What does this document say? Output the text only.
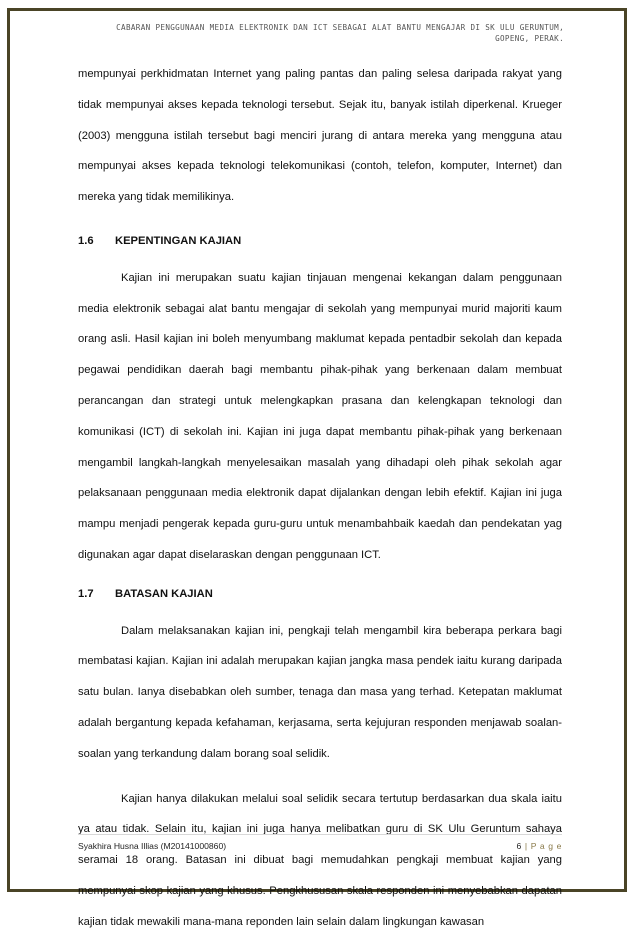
CABARAN PENGGUNAAN MEDIA ELEKTRONIK DAN ICT SEBAGAI ALAT BANTU MENGAJAR DI SK ULU GERUNTUM,
GOPENG, PERAK.

mempunyai perkhidmatan Internet yang paling pantas dan paling selesa daripada rakyat yang tidak mempunyai akses kepada teknologi tersebut. Sejak itu, banyak istilah diperkenal. Krueger (2003) mengguna istilah tersebut bagi menciri jurang di antara mereka yang mengguna atau mempunyai akses kepada teknologi telekomunikasi (contoh, telefon, komputer, Internet) dan mereka yang tidak memilikinya.

1.6 KEPENTINGAN KAJIAN

Kajian ini merupakan suatu kajian tinjauan mengenai kekangan dalam penggunaan media elektronik sebagai alat bantu mengajar di sekolah yang mempunyai murid majoriti kaum orang asli. Hasil kajian ini boleh menyumbang maklumat kepada pentadbir sekolah dan kepada pegawai pendidikan daerah bagi membantu pihak-pihak yang berkenaan dalam membuat perancangan dan strategi untuk melengkapkan prasana dan kelengkapan teknologi dan komunikasi (ICT) di sekolah ini. Kajian ini juga dapat membantu pihak-pihak yang berkenaan mengambil langkah-langkah menyelesaikan masalah yang dihadapi oleh pihak sekolah agar pelaksanaan penggunaan media elektronik dapat dijalankan dengan lebih efektif. Kajian ini juga mampu menjadi pengerak kepada guru-guru untuk menambahbaik kaedah dan pendekatan yag digunakan agar dapat diselaraskan dengan penggunaan ICT.

1.7 BATASAN KAJIAN

Dalam melaksanakan kajian ini, pengkaji telah mengambil kira beberapa perkara bagi membatasi kajian. Kajian ini adalah merupakan kajian jangka masa pendek iaitu kurang daripada satu bulan. Ianya disebabkan oleh sumber, tenaga dan masa yang terhad. Ketepatan maklumat adalah bergantung kepada kefahaman, kerjasama, serta kejujuran responden menjawab soalan-soalan yang terkandung dalam borang soal selidik.

Kajian hanya dilakukan melalui soal selidik secara tertutup berdasarkan dua skala iaitu ya atau tidak. Selain itu, kajian ini juga hanya melibatkan guru di SK Ulu Geruntum sahaya seramai 18 orang. Batasan ini dibuat bagi memudahkan pengkaji membuat kajian yang mempunyai skop kajian yang khusus. Pengkhususan skala responden ini menyebabkan dapatan kajian tidak mewakili mana-mana reponden lain selain dalam lingkungan kawasan

Syakhira Husna Illias (M20141000860)	6 | P a g e
